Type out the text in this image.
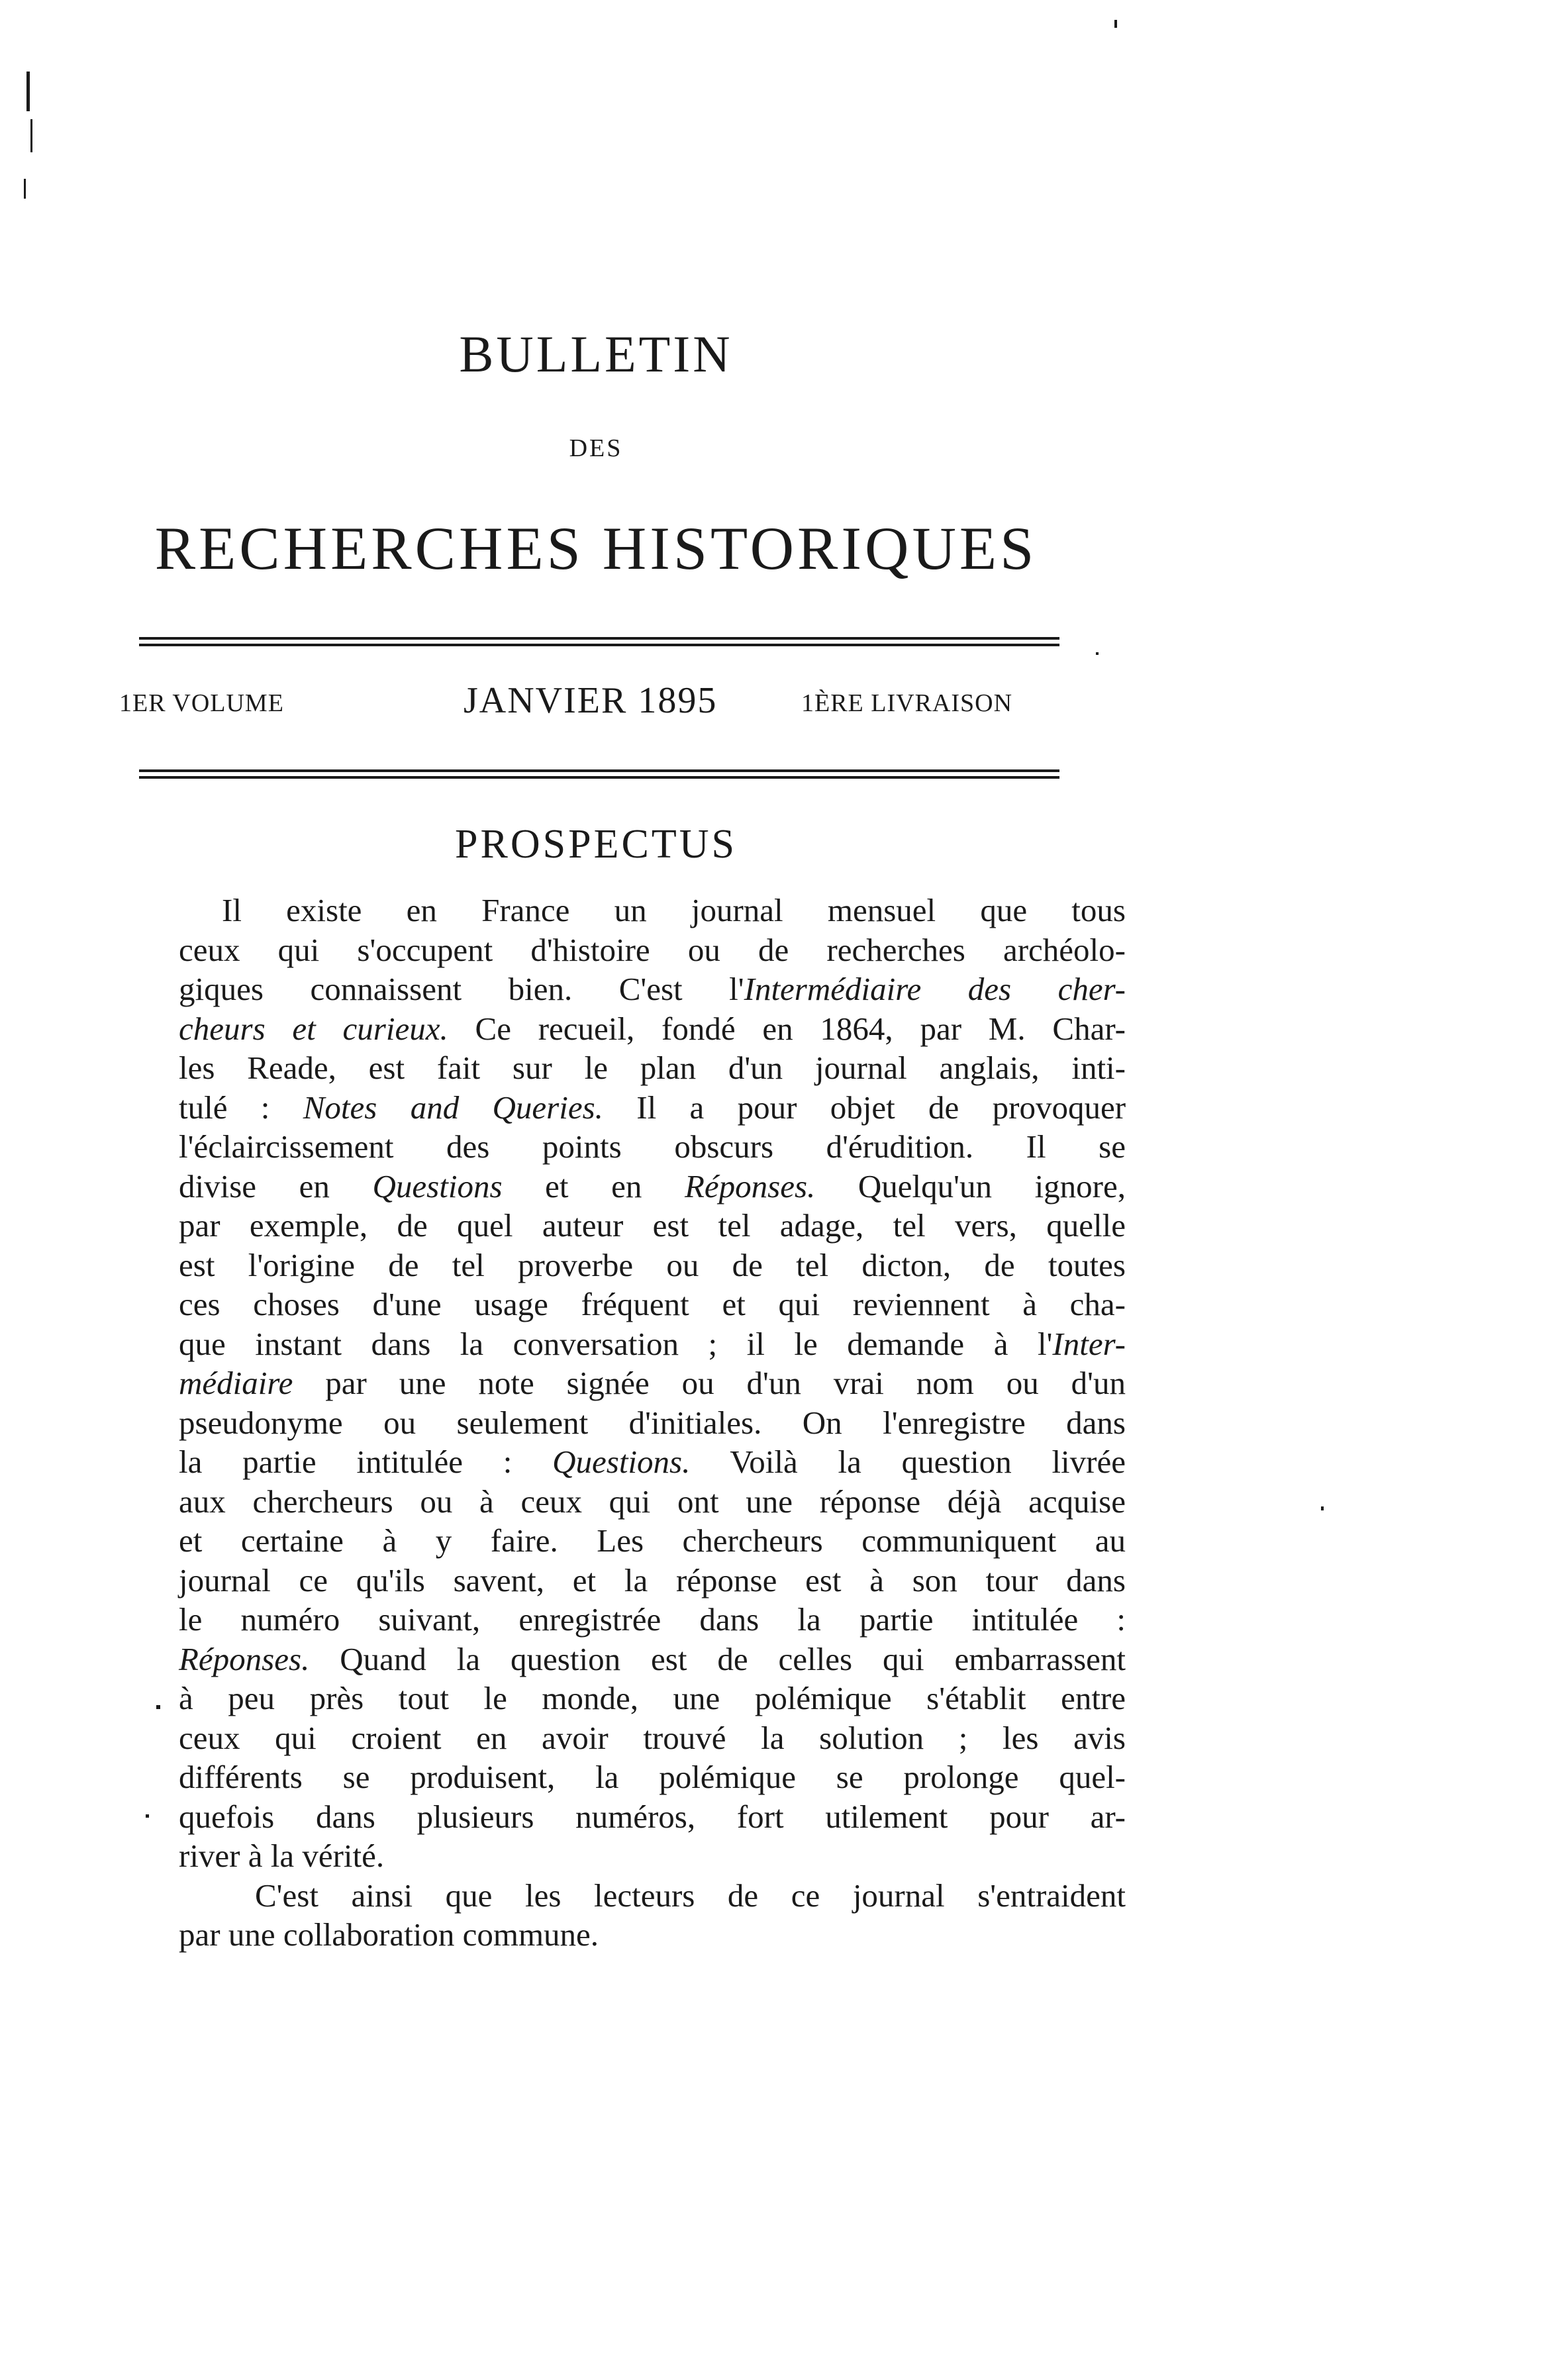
BULLETIN
DES
RECHERCHES HISTORIQUES
1ER VOLUME	JANVIER 1895	1ÈRE LIVRAISON
PROSPECTUS
Il existe en France un journal mensuel que tous
ceux qui s'occupent d'histoire ou de recherches archéolo-
giques connaissent bien. C'est l'Intermédiaire des cher-
cheurs et curieux. Ce recueil, fondé en 1864, par M. Char-
les Reade, est fait sur le plan d'un journal anglais, inti-
tulé : Notes and Queries. Il a pour objet de provoquer
l'éclaircissement des points obscurs d'érudition. Il se
divise en Questions et en Réponses. Quelqu'un ignore,
par exemple, de quel auteur est tel adage, tel vers, quelle
est l'origine de tel proverbe ou de tel dicton, de toutes
ces choses d'une usage fréquent et qui reviennent à cha-
que instant dans la conversation ; il le demande à l'Inter-
médiaire par une note signée ou d'un vrai nom ou d'un
pseudonyme ou seulement d'initiales. On l'enregistre dans
la partie intitulée : Questions. Voilà la question livrée
aux chercheurs ou à ceux qui ont une réponse déjà acquise
et certaine à y faire. Les chercheurs communiquent au
journal ce qu'ils savent, et la réponse est à son tour dans
le numéro suivant, enregistrée dans la partie intitulée :
Réponses. Quand la question est de celles qui embarrassent
à peu près tout le monde, une polémique s'établit entre
ceux qui croient en avoir trouvé la solution ; les avis
différents se produisent, la polémique se prolonge quel-
quefois dans plusieurs numéros, fort utilement pour ar-
river à la vérité.
C'est ainsi que les lecteurs de ce journal s'entraident
par une collaboration commune.
